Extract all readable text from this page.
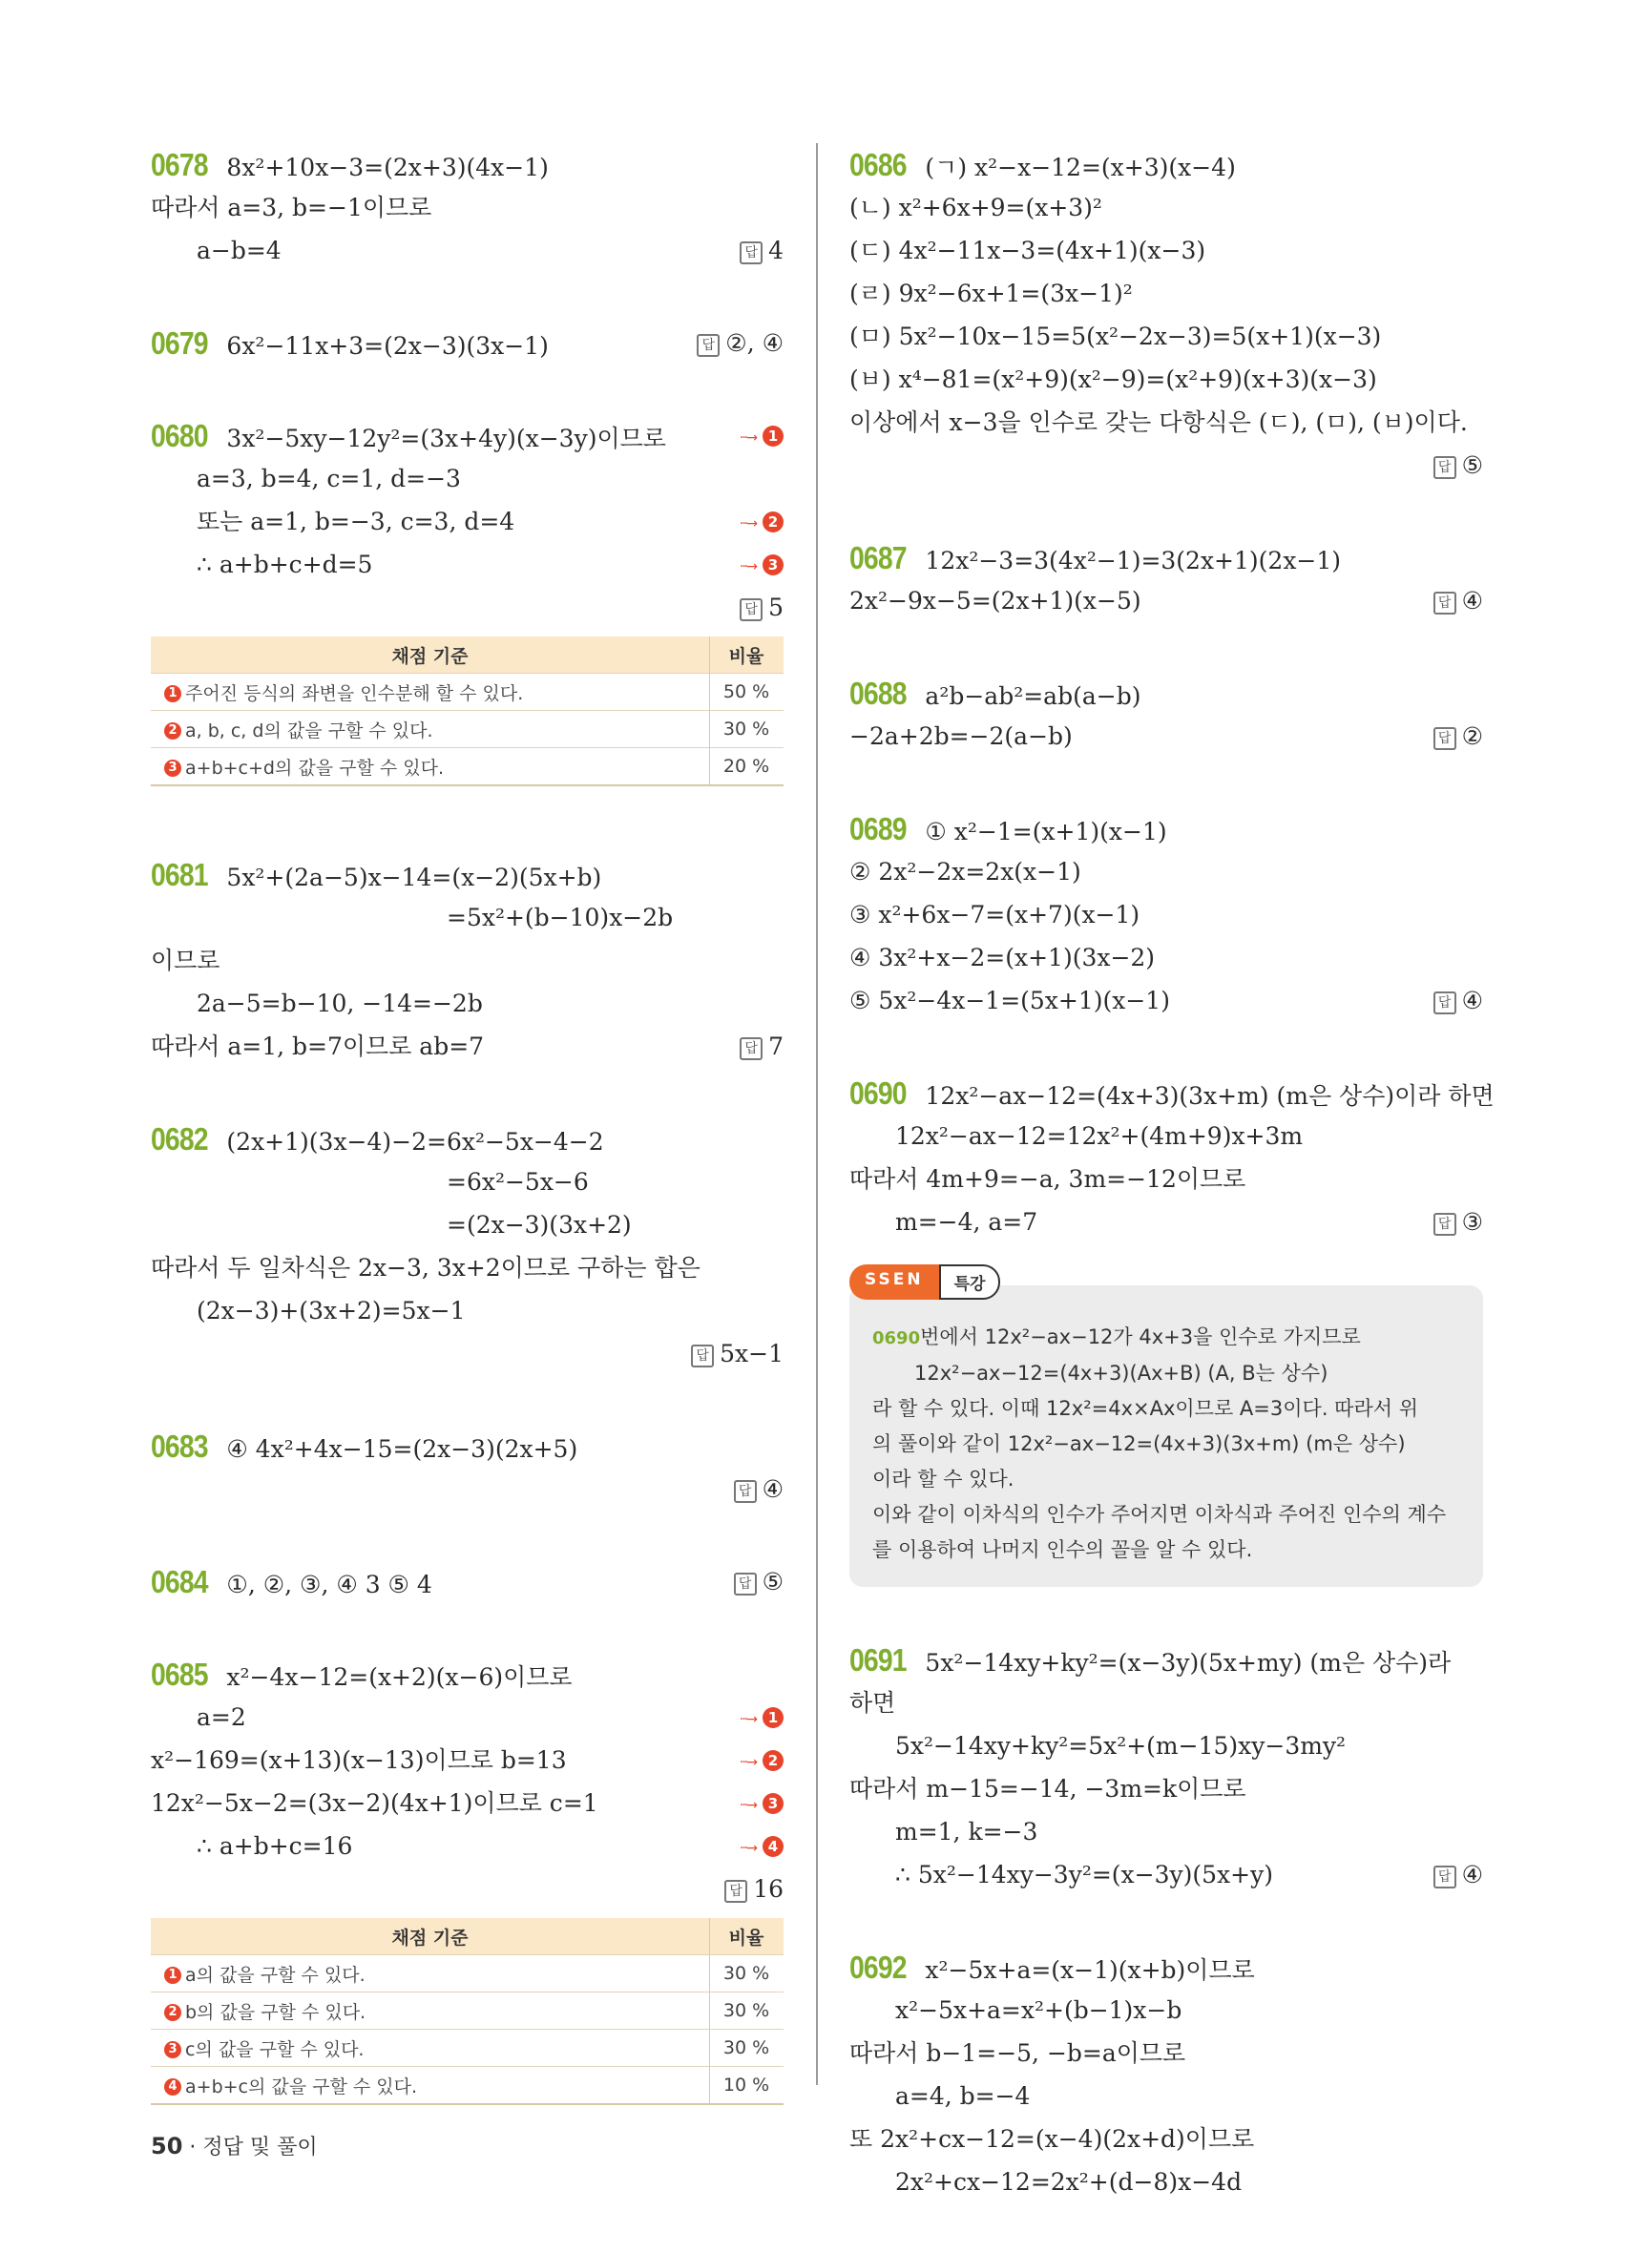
0678 8x²+10x−3=(2x+3)(4x−1)
따라서 a=3, b=−1이므로
a−b=4	답 4
0679 6x²−11x+3=(2x−3)(3x−1)	답 ②, ④
0680 3x²−5xy−12y²=(3x+4y)(x−3y)이므로	···→ 1
a=3, b=4, c=1, d=−3
또는 a=1, b=−3, c=3, d=4	···→ 2
∴ a+b+c+d=5	···→ 3
답 5
채점 기준	비율
1 주어진 등식의 좌변을 인수분해 할 수 있다.	50 %
2 a, b, c, d의 값을 구할 수 있다.	30 %
3 a+b+c+d의 값을 구할 수 있다.	20 %
0681 5x²+(2a−5)x−14=(x−2)(5x+b)
=5x²+(b−10)x−2b
이므로
2a−5=b−10, −14=−2b
따라서 a=1, b=7이므로 ab=7	답 7
0682 (2x+1)(3x−4)−2=6x²−5x−4−2
=6x²−5x−6
=(2x−3)(3x+2)
따라서 두 일차식은 2x−3, 3x+2이므로 구하는 합은
(2x−3)+(3x+2)=5x−1
답 5x−1
0683 ④ 4x²+4x−15=(2x−3)(2x+5)
답 ④
0684 ①, ②, ③, ④ 3 ⑤ 4	답 ⑤
0685 x²−4x−12=(x+2)(x−6)이므로
a=2	···→ 1
x²−169=(x+13)(x−13)이므로 b=13	···→ 2
12x²−5x−2=(3x−2)(4x+1)이므로 c=1	···→ 3
∴ a+b+c=16	···→ 4
답 16
채점 기준	비율
1 a의 값을 구할 수 있다.	30 %
2 b의 값을 구할 수 있다.	30 %
3 c의 값을 구할 수 있다.	30 %
4 a+b+c의 값을 구할 수 있다.	10 %
0686 (ㄱ) x²−x−12=(x+3)(x−4)
(ㄴ) x²+6x+9=(x+3)²
(ㄷ) 4x²−11x−3=(4x+1)(x−3)
(ㄹ) 9x²−6x+1=(3x−1)²
(ㅁ) 5x²−10x−15=5(x²−2x−3)=5(x+1)(x−3)
(ㅂ) x⁴−81=(x²+9)(x²−9)=(x²+9)(x+3)(x−3)
이상에서 x−3을 인수로 갖는 다항식은 (ㄷ), (ㅁ), (ㅂ)이다.
답 ⑤
0687 12x²−3=3(4x²−1)=3(2x+1)(2x−1)
2x²−9x−5=(2x+1)(x−5)	답 ④
0688 a²b−ab²=ab(a−b)
−2a+2b=−2(a−b)	답 ②
0689 ① x²−1=(x+1)(x−1)
② 2x²−2x=2x(x−1)
③ x²+6x−7=(x+7)(x−1)
④ 3x²+x−2=(x+1)(3x−2)
⑤ 5x²−4x−1=(5x+1)(x−1)	답 ④
0690 12x²−ax−12=(4x+3)(3x+m) (m은 상수)이라 하면
12x²−ax−12=12x²+(4m+9)x+3m
따라서 4m+9=−a, 3m=−12이므로
m=−4, a=7	답 ③
SSEN	특강
0690번에서 12x²−ax−12가 4x+3을 인수로 가지므로
12x²−ax−12=(4x+3)(Ax+B) (A, B는 상수)
라 할 수 있다. 이때 12x²=4x×Ax이므로 A=3이다. 따라서 위
의 풀이와 같이 12x²−ax−12=(4x+3)(3x+m) (m은 상수)
이라 할 수 있다.
이와 같이 이차식의 인수가 주어지면 이차식과 주어진 인수의 계수
를 이용하여 나머지 인수의 꼴을 알 수 있다.
0691 5x²−14xy+ky²=(x−3y)(5x+my) (m은 상수)라
하면
5x²−14xy+ky²=5x²+(m−15)xy−3my²
따라서 m−15=−14, −3m=k이므로
m=1, k=−3
∴ 5x²−14xy−3y²=(x−3y)(5x+y)	답 ④
0692 x²−5x+a=(x−1)(x+b)이므로
x²−5x+a=x²+(b−1)x−b
따라서 b−1=−5, −b=a이므로
a=4, b=−4
또 2x²+cx−12=(x−4)(2x+d)이므로
2x²+cx−12=2x²+(d−8)x−4d
50 · 정답 및 풀이
